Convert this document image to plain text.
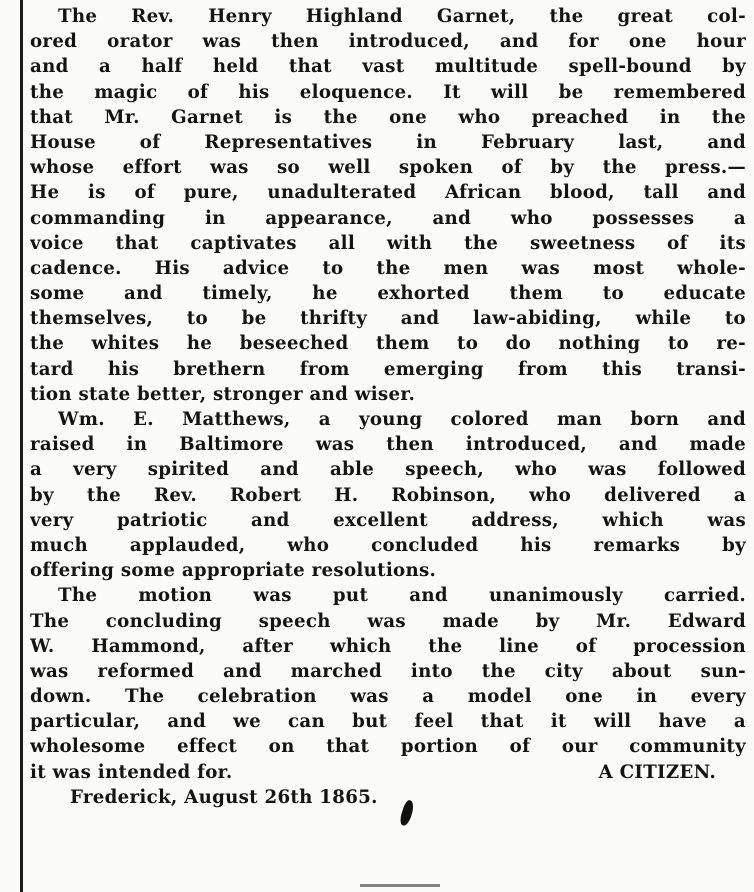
The Rev. Henry Highland Garnet, the great col-
ored orator was then introduced, and for one hour
and a half held that vast multitude spell-bound by
the magic of his eloquence. It will be remembered
that Mr. Garnet is the one who preached in the
House of Representatives in February last, and
whose effort was so well spoken of by the press.—
He is of pure, unadulterated African blood, tall and
commanding in appearance, and who possesses a
voice that captivates all with the sweetness of its
cadence. His advice to the men was most whole-
some and timely, he exhorted them to educate
themselves, to be thrifty and law-abiding, while to
the whites he beseeched them to do nothing to re-
tard his brethern from emerging from this transi-
tion state better, stronger and wiser.
Wm. E. Matthews, a young colored man born and
raised in Baltimore was then introduced, and made
a very spirited and able speech, who was followed
by the Rev. Robert H. Robinson, who delivered a
very patriotic and excellent address, which was
much applauded, who concluded his remarks by
offering some appropriate resolutions.
The motion was put and unanimously carried.
The concluding speech was made by Mr. Edward
W. Hammond, after which the line of procession
was reformed and marched into the city about sun-
down. The celebration was a model one in every
particular, and we can but feel that it will have a
wholesome effect on that portion of our community
it was intended for.	A CITIZEN.
Frederick, August 26th 1865.
